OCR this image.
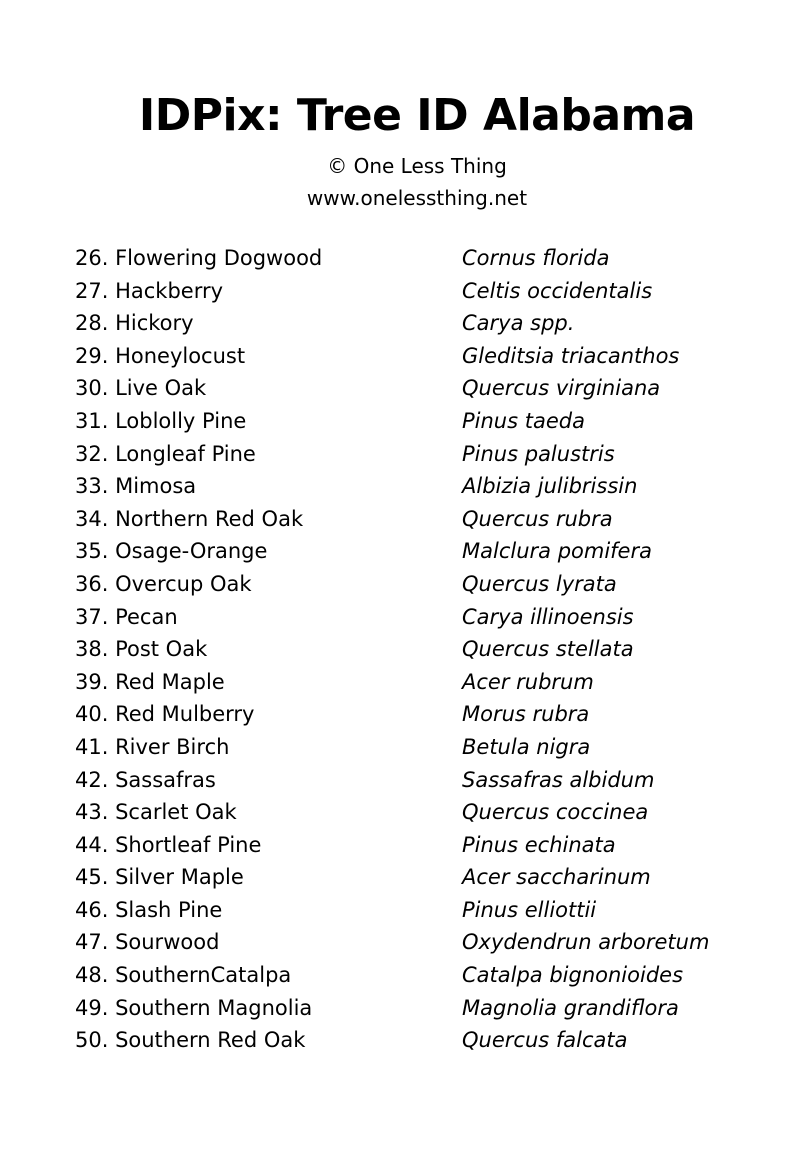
IDPix: Tree ID Alabama
© One Less Thing
www.onelessthing.net
26. Flowering Dogwood	Cornus florida
27. Hackberry	Celtis occidentalis
28. Hickory	Carya spp.
29. Honeylocust	Gleditsia triacanthos
30. Live Oak	Quercus virginiana
31. Loblolly Pine	Pinus taeda
32. Longleaf Pine	Pinus palustris
33. Mimosa	Albizia julibrissin
34. Northern Red Oak	Quercus rubra
35. Osage-Orange	Malclura pomifera
36. Overcup Oak	Quercus lyrata
37. Pecan	Carya illinoensis
38. Post Oak	Quercus stellata
39. Red Maple	Acer rubrum
40. Red Mulberry	Morus rubra
41. River Birch	Betula nigra
42. Sassafras	Sassafras albidum
43. Scarlet Oak	Quercus coccinea
44. Shortleaf Pine	Pinus echinata
45. Silver Maple	Acer saccharinum
46. Slash Pine	Pinus elliottii
47. Sourwood	Oxydendrun arboretum
48. SouthernCatalpa	Catalpa bignonioides
49. Southern Magnolia	Magnolia grandiflora
50. Southern Red Oak	Quercus falcata
